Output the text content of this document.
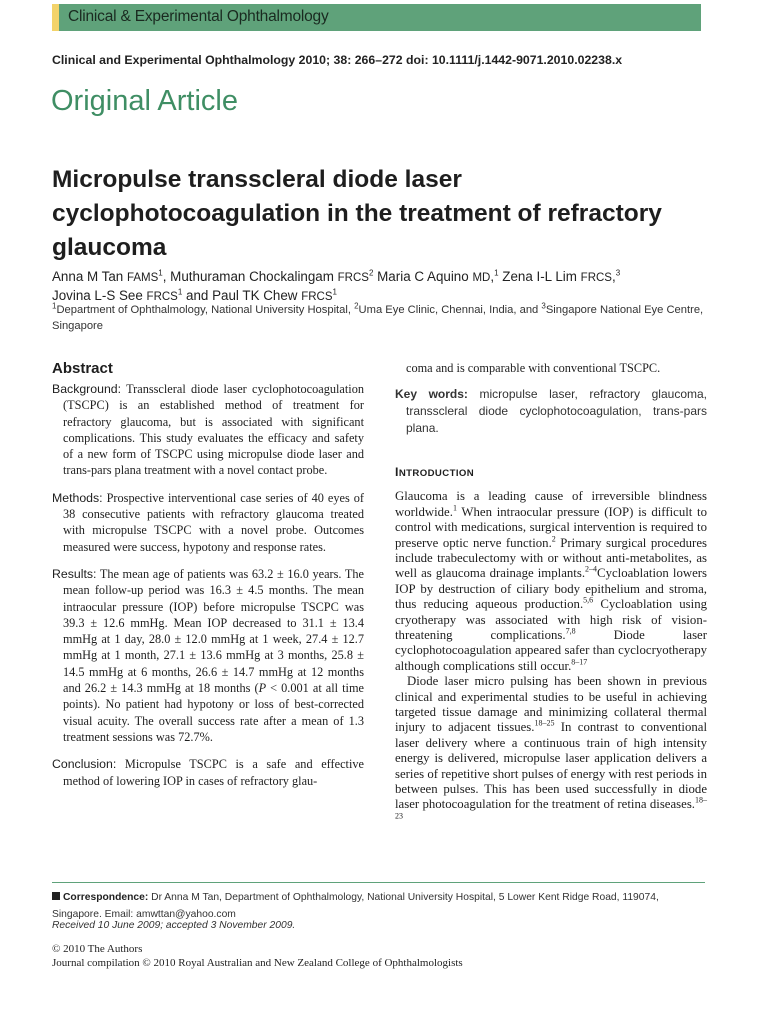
Clinical & Experimental Ophthalmology
Clinical and Experimental Ophthalmology 2010; 38: 266–272 doi: 10.1111/j.1442-9071.2010.02238.x
Original Article
Micropulse transscleral diode laser cyclophotocoagulation in the treatment of refractory glaucoma
Anna M Tan FAMS$^1$, Muthuraman Chockalingam FRCS$^2$ Maria C Aquino MD,$^1$ Zena I-L Lim FRCS,$^3$
Jovina L-S See FRCS$^1$ and Paul TK Chew FRCS$^1$
$^1$Department of Ophthalmology, National University Hospital, $^2$Uma Eye Clinic, Chennai, India, and $^3$Singapore National Eye Centre, Singapore
Abstract

Background: Transscleral diode laser cyclophotocoagulation (TSCPC) is an established method of treatment for refractory glaucoma, but is associated with significant complications. This study evaluates the efficacy and safety of a new form of TSCPC using micropulse diode laser and trans-pars plana treatment with a novel contact probe.

Methods: Prospective interventional case series of 40 eyes of 38 consecutive patients with refractory glaucoma treated with micropulse TSCPC with a novel probe. Outcomes measured were success, hypotony and response rates.

Results: The mean age of patients was 63.2 ± 16.0 years. The mean follow-up period was 16.3 ± 4.5 months. The mean intraocular pressure (IOP) before micropulse TSCPC was 39.3 ± 12.6 mmHg. Mean IOP decreased to 31.1 ± 13.4 mmHg at 1 day, 28.0 ± 12.0 mmHg at 1 week, 27.4 ± 12.7 mmHg at 1 month, 27.1 ± 13.6 mmHg at 3 months, 25.8 ± 14.5 mmHg at 6 months, 26.6 ± 14.7 mmHg at 12 months and 26.2 ± 14.3 mmHg at 18 months (P < 0.001 at all time points). No patient had hypotony or loss of best-corrected visual acuity. The overall success rate after a mean of 1.3 treatment sessions was 72.7%.

Conclusion: Micropulse TSCPC is a safe and effective method of lowering IOP in cases of refractory glau-

coma and is comparable with conventional TSCPC.

Key words: micropulse laser, refractory glaucoma, transscleral diode cyclophotocoagulation, trans-pars plana.

INTRODUCTION

Glaucoma is a leading cause of irreversible blindness worldwide.$^1$ When intraocular pressure (IOP) is difficult to control with medications, surgical intervention is required to preserve optic nerve function.$^2$ Primary surgical procedures include trabeculectomy with or without anti-metabolites, as well as glaucoma drainage implants.$^{2-4}$Cycloablation lowers IOP by destruction of ciliary body epithelium and stroma, thus reducing aqueous production.$^{5,6}$ Cycloablation using cryotherapy was associated with high risk of vision-threatening complications.$^{7,8}$ Diode laser cyclophotocoagulation appeared safer than cyclocryotherapy although complications still occur.$^{8-17}$

Diode laser micro pulsing has been shown in previous clinical and experimental studies to be useful in achieving targeted tissue damage and minimizing collateral thermal injury to adjacent tissues.$^{18-25}$ In contrast to conventional laser delivery where a continuous train of high intensity energy is delivered, micropulse laser application delivers a series of repetitive short pulses of energy with rest periods in between pulses. This has been used successfully in diode laser photocoagulation for the treatment of retina diseases.$^{18-23}$

Correspondence: Dr Anna M Tan, Department of Ophthalmology, National University Hospital, 5 Lower Kent Ridge Road, 119074, Singapore. Email: amwttan@yahoo.com
Received 10 June 2009; accepted 3 November 2009.
© 2010 The Authors
Journal compilation © 2010 Royal Australian and New Zealand College of Ophthalmologists
